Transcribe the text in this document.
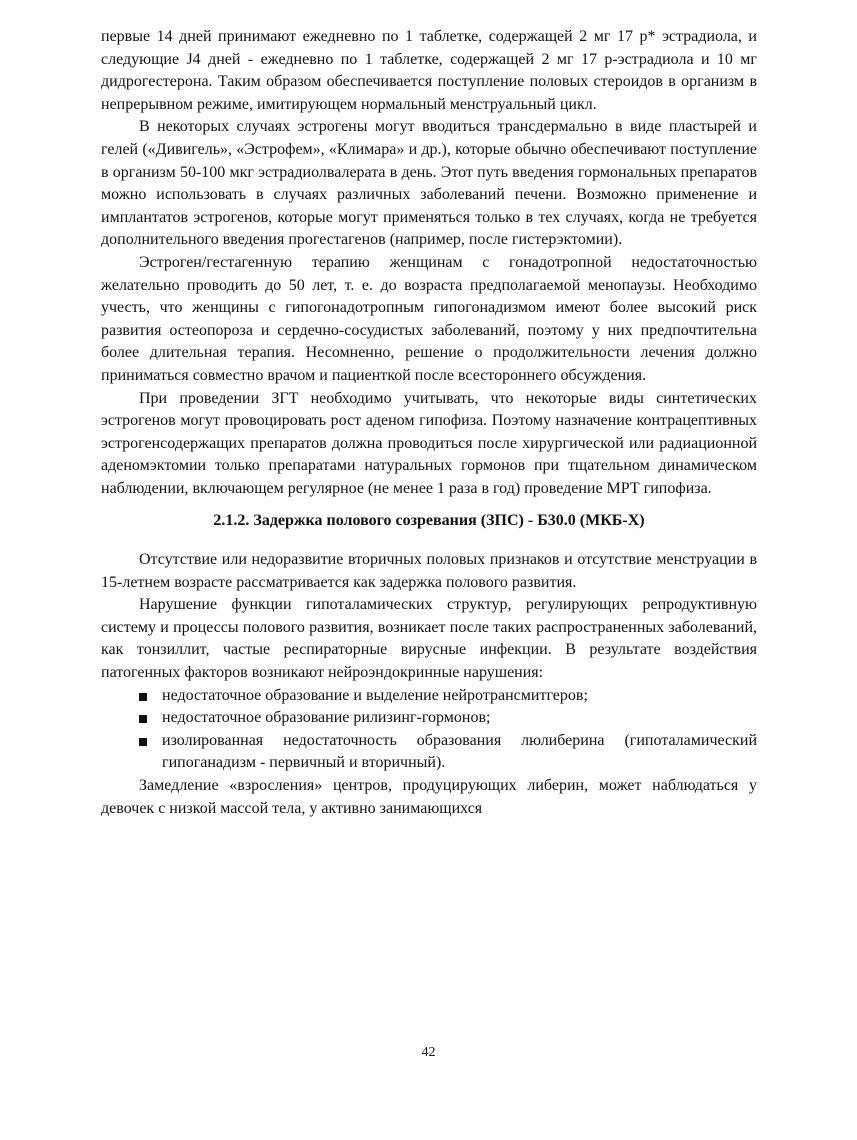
первые 14 дней принимают ежедневно по 1 таблетке, содержащей 2 мг 17 р* эстрадиола, и следующие J4 дней - ежедневно по 1 таблетке, содержащей 2 мг 17 р-эстрадиола и 10 мг дидрогестерона. Таким образом обеспечивается поступление половых стероидов в организм в непрерывном режиме, имитирующем нормальный менструальный цикл.

В некоторых случаях эстрогены могут вводиться трансдермально в виде пластырей и гелей («Дивигель», «Эстрофем», «Климара» и др.), которые обычно обеспечивают поступление в организм 50-100 мкг эстрадиолвалерата в день. Этот путь введения гормональных препаратов можно использовать в случаях различных заболеваний печени. Возможно применение и имплантатов эстрогенов, которые могут применяться только в тех случаях, когда не требуется дополнительного введения прогестагенов (например, после гистерэктомии).

Эстроген/гестагенную терапию женщинам с гонадотропной недостаточностью желательно проводить до 50 лет, т. е. до возраста предполагаемой менопаузы. Необходимо учесть, что женщины с гипогонадотропным гипогонадизмом имеют более высокий риск развития остеопороза и сердечно-сосудистых заболеваний, поэтому у них предпочтительна более длительная терапия. Несомненно, решение о продолжительности лечения должно приниматься совместно врачом и пациенткой после всестороннего обсуждения.

При проведении ЗГТ необходимо учитывать, что некоторые виды синтетических эстрогенов могут провоцировать рост аденом гипофиза. Поэтому назначение контрацептивных эстрогенсодержащих препаратов должна проводиться после хирургической или радиационной аденомэктомии только препаратами натуральных гормонов при тщательном динамическом наблюдении, включающем регулярное (не менее 1 раза в год) проведение МРТ гипофиза.

2.1.2. Задержка полового созревания (ЗПС) - Б30.0 (МКБ-Х)

Отсутствие или недоразвитие вторичных половых признаков и отсутствие менструации в 15-летнем возрасте рассматривается как задержка полового развития.

Нарушение функции гипоталамических структур, регулирующих репродуктивную систему и процессы полового развития, возникает после таких распространенных заболеваний, как тонзиллит, частые респираторные вирусные инфекции. В результате воздействия патогенных факторов возникают нейроэндокринные нарушения:

недостаточное образование и выделение нейротрансмитгеров;
недостаточное образование рилизинг-гормонов;
изолированная недостаточность образования люлиберина (гипоталамический гипоганадизм - первичный и вторичный).

Замедление «взросления» центров, продуцирующих либерин, может наблюдаться у девочек с низкой массой тела, у активно занимающихся

42
